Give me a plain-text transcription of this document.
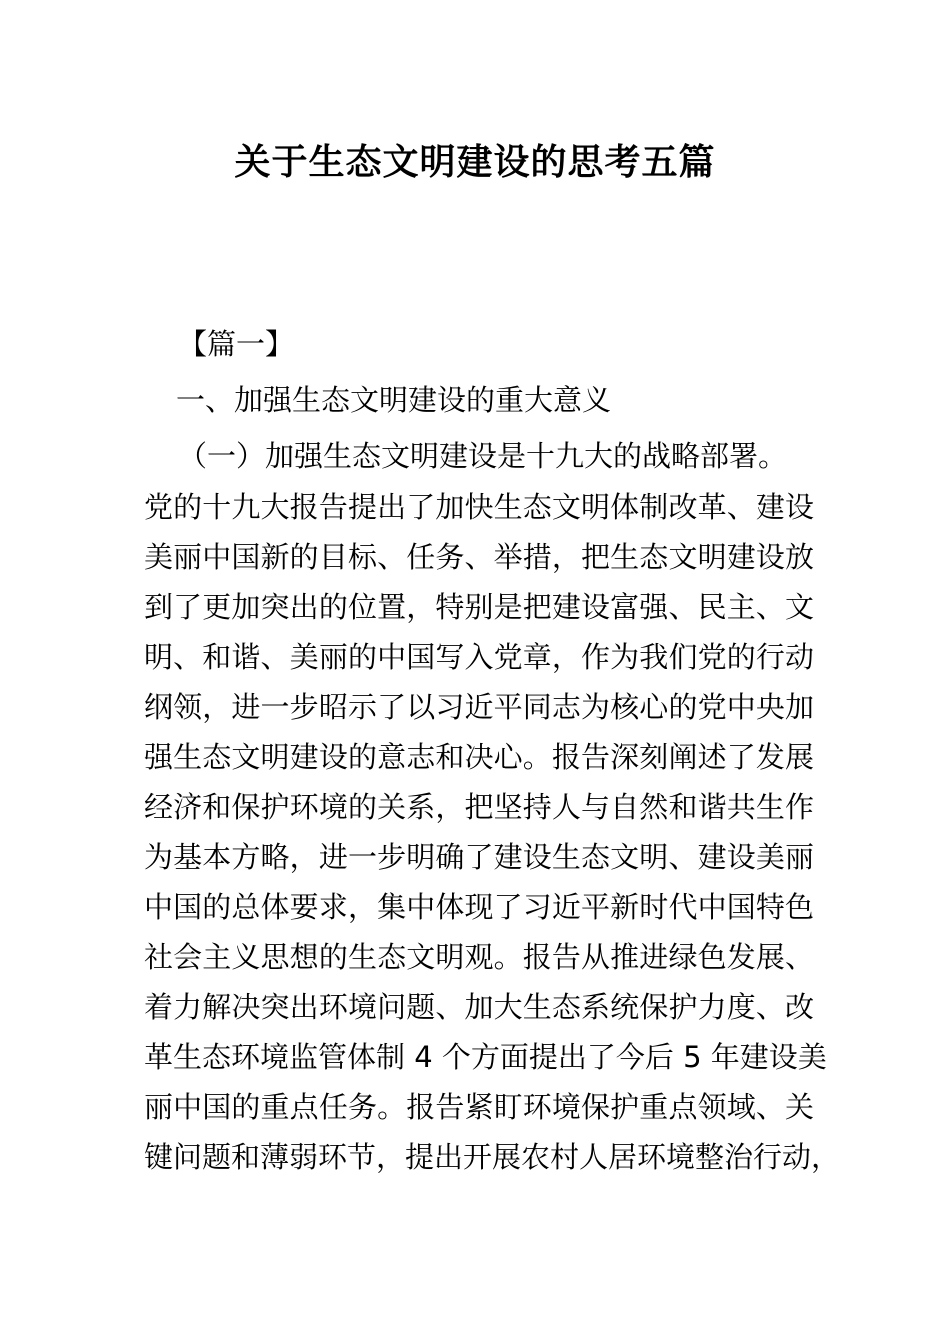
关于生态文明建设的思考五篇

【篇一】

一、加强生态文明建设的重大意义

（一）加强生态文明建设是十九大的战略部署。

党的十九大报告提出了加快生态文明体制改革、建设
美丽中国新的目标、任务、举措，把生态文明建设放
到了更加突出的位置，特别是把建设富强、民主、文
明、和谐、美丽的中国写入党章，作为我们党的行动
纲领，进一步昭示了以习近平同志为核心的党中央加
强生态文明建设的意志和决心。报告深刻阐述了发展
经济和保护环境的关系，把坚持人与自然和谐共生作
为基本方略，进一步明确了建设生态文明、建设美丽
中国的总体要求，集中体现了习近平新时代中国特色
社会主义思想的生态文明观。报告从推进绿色发展、
着力解决突出环境问题、加大生态系统保护力度、改
革生态环境监管体制 4 个方面提出了今后 5 年建设美
丽中国的重点任务。报告紧盯环境保护重点领域、关
键问题和薄弱环节，提出开展农村人居环境整治行动，
